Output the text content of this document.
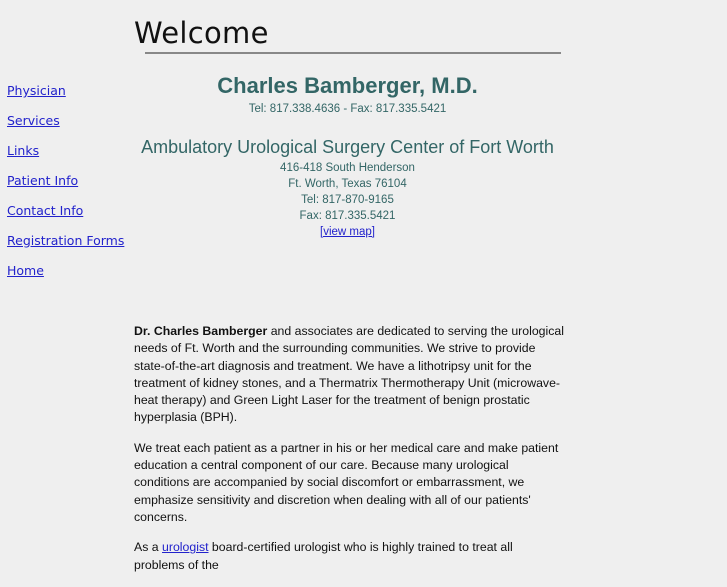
Welcome
Physician
Services
Links
Patient Info
Contact Info
Registration Forms
Home
Charles Bamberger, M.D.
Tel: 817.338.4636 - Fax: 817.335.5421
Ambulatory Urological Surgery Center of Fort Worth
416-418 South Henderson
Ft. Worth, Texas 76104
Tel: 817-870-9165
Fax: 817.335.5421
[view map]

Dr. Charles Bamberger and associates are dedicated to serving the urological needs of Ft. Worth and the surrounding communities. We strive to provide state-of-the-art diagnosis and treatment. We have a lithotripsy unit for the treatment of kidney stones, and a Thermatrix Thermotherapy Unit (microwave-heat therapy) and Green Light Laser for the treatment of benign prostatic hyperplasia (BPH).

We treat each patient as a partner in his or her medical care and make patient education a central component of our care. Because many urological conditions are accompanied by social discomfort or embarrassment, we emphasize sensitivity and discretion when dealing with all of our patients' concerns.

As a urologist board-certified urologist who is highly trained to treat all problems of the
